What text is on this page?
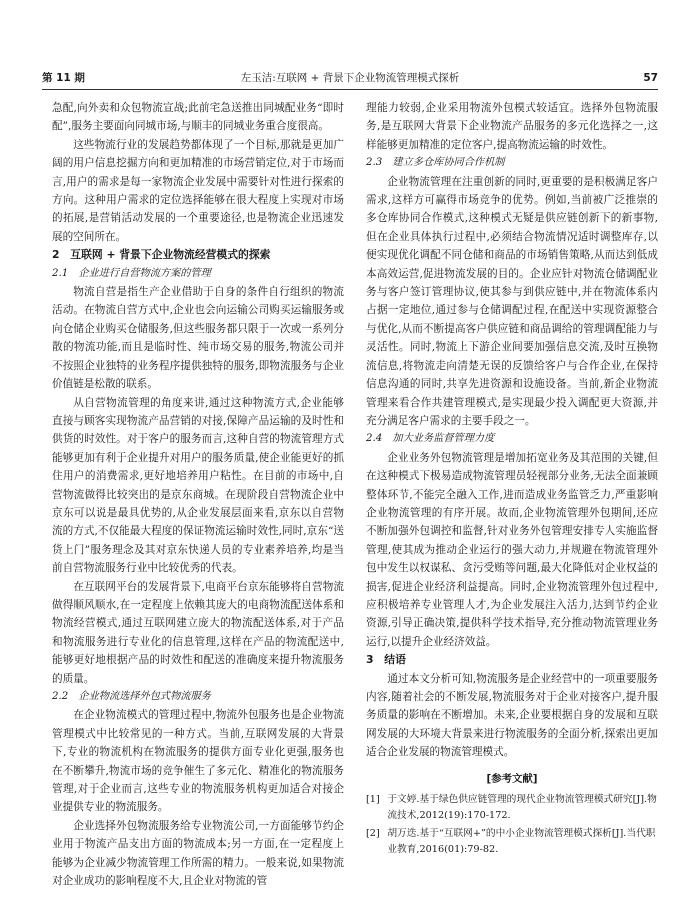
第 11 期	左玉洁:互联网 + 背景下企业物流管理模式探析	57

急配,向外卖和众包物流宣战;此前宅急送推出同城配业务“即时配”,服务主要面向同城市场,与顺丰的同城业务重合度很高。

这些物流行业的发展趋势都体现了一个目标,那就是更加广阔的用户信息挖掘方向和更加精准的市场营销定位,对于市场而言,用户的需求是每一家物流企业发展中需要针对性进行探索的方向。这种用户需求的定位选择能够在很大程度上实现对市场的拓展,是营销活动发展的一个重要途径,也是物流企业迅速发展的空间所在。

2　互联网 + 背景下企业物流经营模式的探索
2.1　企业进行自营物流方案的管理

物流自营是指生产企业借助于自身的条件自行组织的物流活动。在物流自营方式中,企业也会向运输公司购买运输服务或向仓储企业购买仓储服务,但这些服务都只限于一次或一系列分散的物流功能,而且是临时性、纯市场交易的服务,物流公司并不按照企业独特的业务程序提供独特的服务,即物流服务与企业价值链是松散的联系。

从自营物流管理的角度来讲,通过这种物流方式,企业能够直接与顾客实现物流产品营销的对接,保障产品运输的及时性和供货的时效性。对于客户的服务而言,这种自营的物流管理方式能够更加有利于企业提升对用户的服务质量,使企业能更好的抓住用户的消费需求,更好地培养用户粘性。在目前的市场中,自营物流做得比较突出的是京东商城。在现阶段自营物流企业中京东可以说是最具优势的,从企业发展层面来看,京东以自营物流的方式,不仅能最大程度的保证物流运输时效性,同时,京东“送货上门”服务理念及其对京东快递人员的专业素养培养,均是当前自营物流服务行业中比较优秀的代表。

在互联网平台的发展背景下,电商平台京东能够将自营物流做得顺风顺水,在一定程度上依赖其庞大的电商物流配送体系和物流经营模式,通过互联网建立庞大的物流配送体系,对于产品和物流服务进行专业化的信息管理,这样在产品的物流配送中,能够更好地根据产品的时效性和配送的准确度来提升物流服务的质量。

2.2　企业物流选择外包式物流服务

在企业物流模式的管理过程中,物流外包服务也是企业物流管理模式中比较常见的一种方式。当前,互联网发展的大背景下,专业的物流机构在物流服务的提供方面专业化更强,服务也在不断攀升,物流市场的竞争催生了多元化、精准化的物流服务管理,对于企业而言,这些专业的物流服务机构更加适合对接企业提供专业的物流服务。

企业选择外包物流服务给专业物流公司,一方面能够节约企业用于物流产品支出方面的物流成本;另一方面,在一定程度上能够为企业减少物流管理工作所需的精力。一般来说,如果物流对企业成功的影响程度不大,且企业对物流的管

理能力较弱,企业采用物流外包模式较适宜。选择外包物流服务,是互联网大背景下企业物流产品服务的多元化选择之一,这样能够更加精准的定位客户,提高物流运输的时效性。

2.3　建立多仓库协同合作机制

企业物流管理在注重创新的同时,更重要的是积极满足客户需求,这样方可赢得市场竞争的优势。例如,当前被广泛推崇的多仓库协同合作模式,这种模式无疑是供应链创新下的新事物,但在企业具体执行过程中,必须结合物流情况适时调整库存,以便实现优化调配不同仓储和商品的市场销售策略,从而达到低成本高效运营,促进物流发展的目的。企业应针对物流仓储调配业务与客户签订管理协议,使其参与到供应链中,并在物流体系内占据一定地位,通过参与仓储调配过程,在配送中实现资源整合与优化,从而不断提高客户供应链和商品调给的管理调配能力与灵活性。同时,物流上下游企业间要加强信息交流,及时互换物流信息,将物流走向清楚无误的反馈给客户与合作企业,在保持信息沟通的同时,共享先进资源和设施设备。当前,新企业物流管理来看合作共建管理模式,是实现最少投入调配更大资源,并充分满足客户需求的主要手段之一。

2.4　加大业务监督管理力度

企业业务外包物流管理是增加拓宽业务及其范围的关键,但在这种模式下极易造成物流管理员轻视部分业务,无法全面兼顾整体环节,不能完全融入工作,进而造成业务监管乏力,严重影响企业物流管理的有序开展。故而,企业物流管理外包期间,还应不断加强外包调控和监督,针对业务外包管理安排专人实施监督管理,使其成为推动企业运行的强大动力,并规避在物流管理外包中发生以权谋私、贪污受贿等问题,最大化降低对企业权益的损害,促进企业经济利益提高。同时,企业物流管理外包过程中,应积极培养专业管理人才,为企业发展注入活力,达到节约企业资源,引导正确决策,提供科学技术指导,充分推动物流管理业务运行,以提升企业经济效益。

3　结语

通过本文分析可知,物流服务是企业经营中的一项重要服务内容,随着社会的不断发展,物流服务对于企业对接客户,提升服务质量的影响在不断增加。未来,企业要根据自身的发展和互联网发展的大环境大背景来进行物流服务的全面分析,探索出更加适合企业发展的物流管理模式。

[参考文献]
[1] 于文婷.基于绿色供应链管理的现代企业物流管理模式研究[J].物流技术,2012(19):170-172.
[2] 胡万迭.基于“互联网+”的中小企业物流管理模式探析[J].当代职业教育,2016(01):79-82.
